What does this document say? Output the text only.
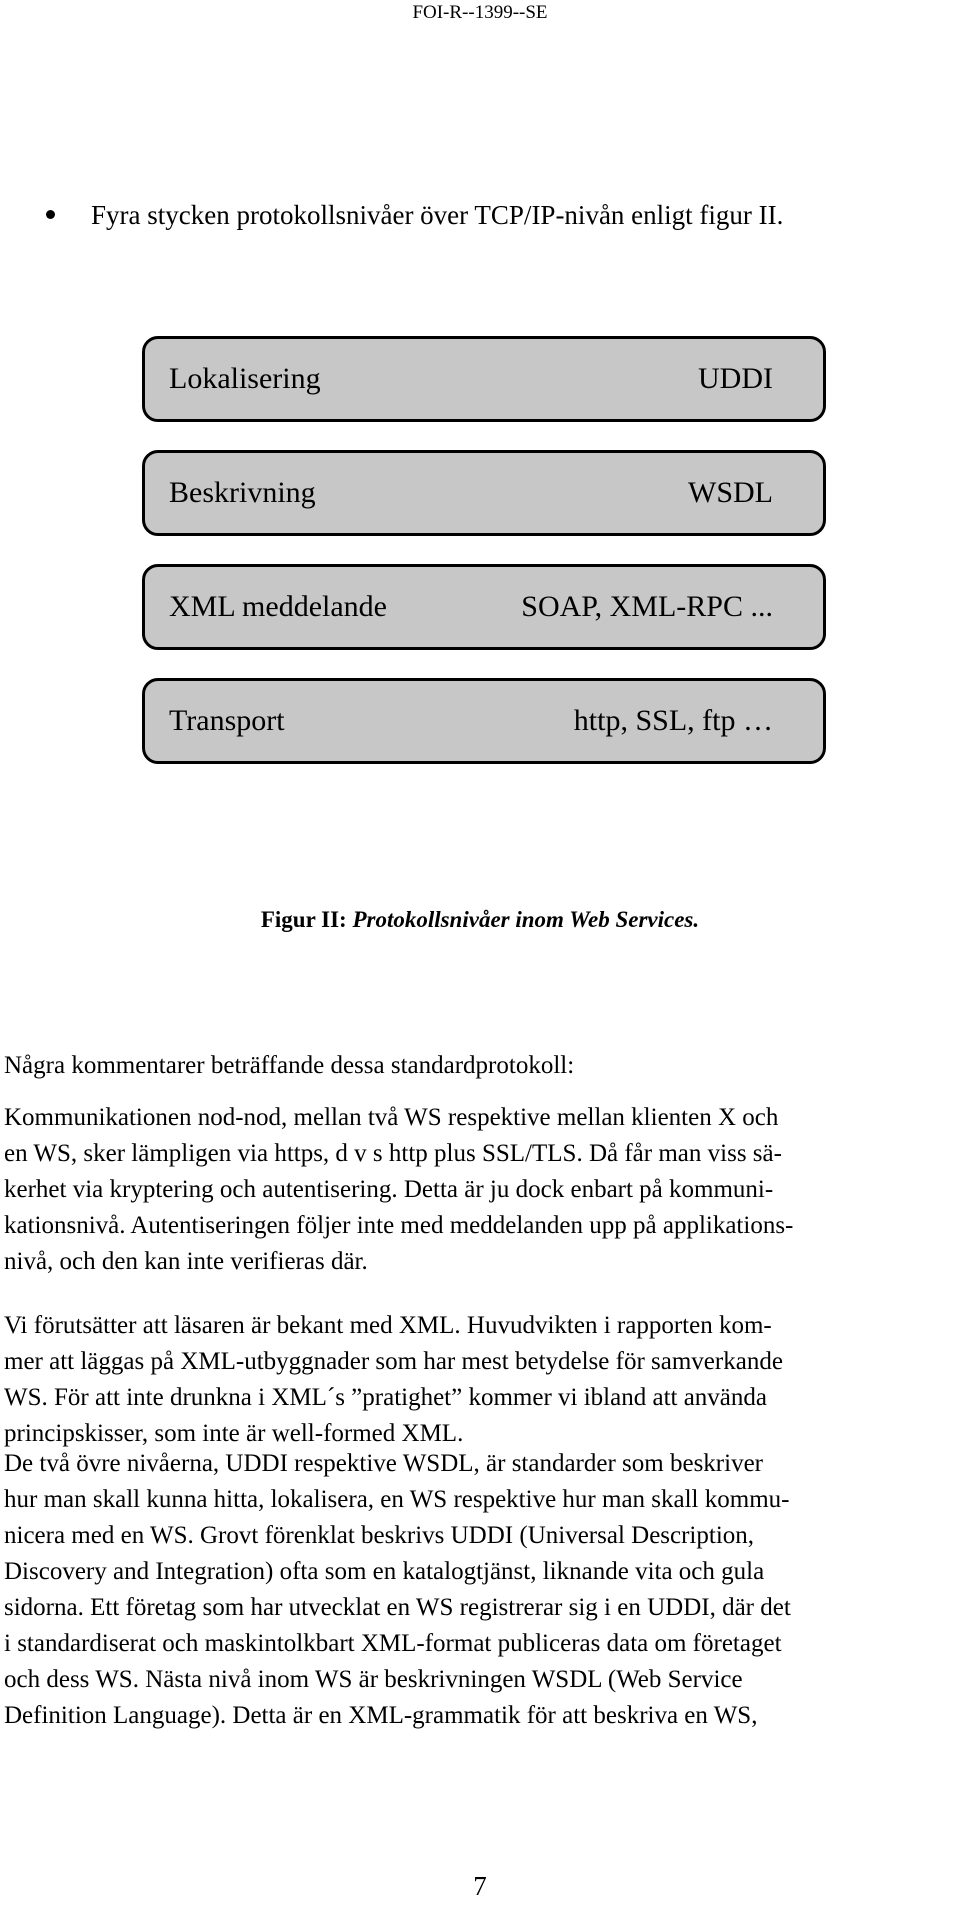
FOI-R--1399--SE
Fyra stycken protokollsnivåer över TCP/IP-nivån enligt figur II.
Lokalisering	UDDI
Beskrivning	WSDL
XML meddelande	SOAP, XML-RPC ...
Transport	http, SSL, ftp …
Figur II: Protokollsnivåer inom Web Services.

Några kommentarer beträffande dessa standardprotokoll:

Kommunikationen nod-nod, mellan två WS respektive mellan klienten X och
en WS, sker lämpligen via https, d v s http plus SSL/TLS. Då får man viss sä-
kerhet via kryptering och autentisering. Detta är ju dock enbart på kommuni-
kationsnivå. Autentiseringen följer inte med meddelanden upp på applikations-
nivå, och den kan inte verifieras där.

Vi förutsätter att läsaren är bekant med XML. Huvudvikten i rapporten kom-
mer att läggas på XML-utbyggnader som har mest betydelse för samverkande
WS. För att inte drunkna i XML´s ”pratighet” kommer vi ibland att använda
principskisser, som inte är well-formed XML.

De två övre nivåerna, UDDI respektive WSDL, är standarder som beskriver
hur man skall kunna hitta, lokalisera, en WS respektive hur man skall kommu-
nicera med en WS. Grovt förenklat beskrivs UDDI (Universal Description,
Discovery and Integration) ofta som en katalogtjänst, liknande vita och gula
sidorna. Ett företag som har utvecklat en WS registrerar sig i en UDDI, där det
i standardiserat och maskintolkbart XML-format publiceras data om företaget
och dess WS. Nästa nivå inom WS är beskrivningen WSDL (Web Service
Definition Language). Detta är en XML-grammatik för att beskriva en WS,

7
